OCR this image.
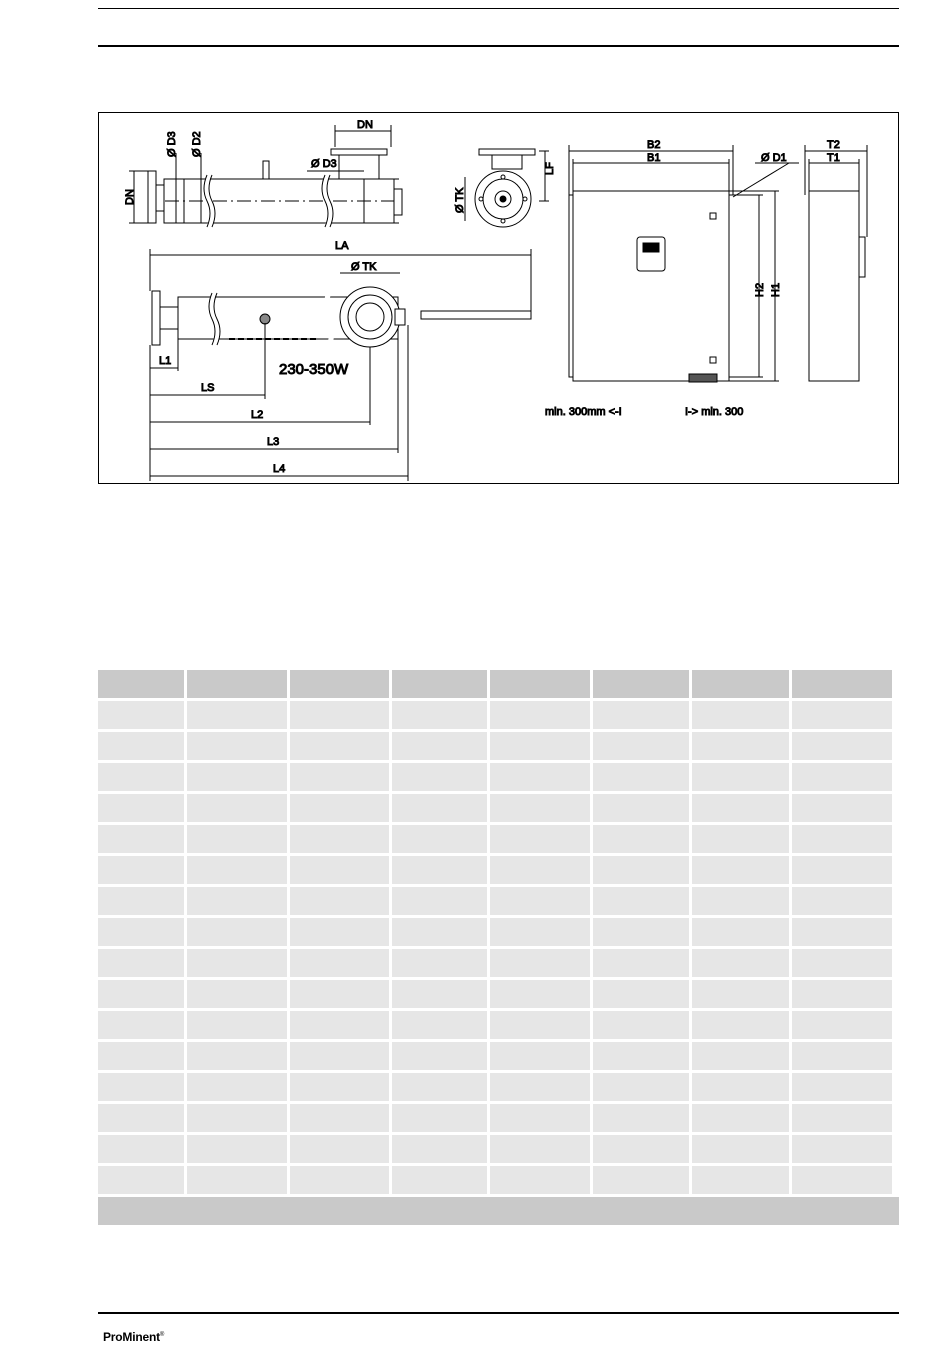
DN
Ø D3 Ø D2
DN
Ø D3
Ø TK
LF
LA
Ø TK
L1
LS
L2
L3
L4
230-350W
B2
B1	Ø D1
H2 H1
min. 300mm <-I	I-> min. 300
T2
T1
ProMinent®
